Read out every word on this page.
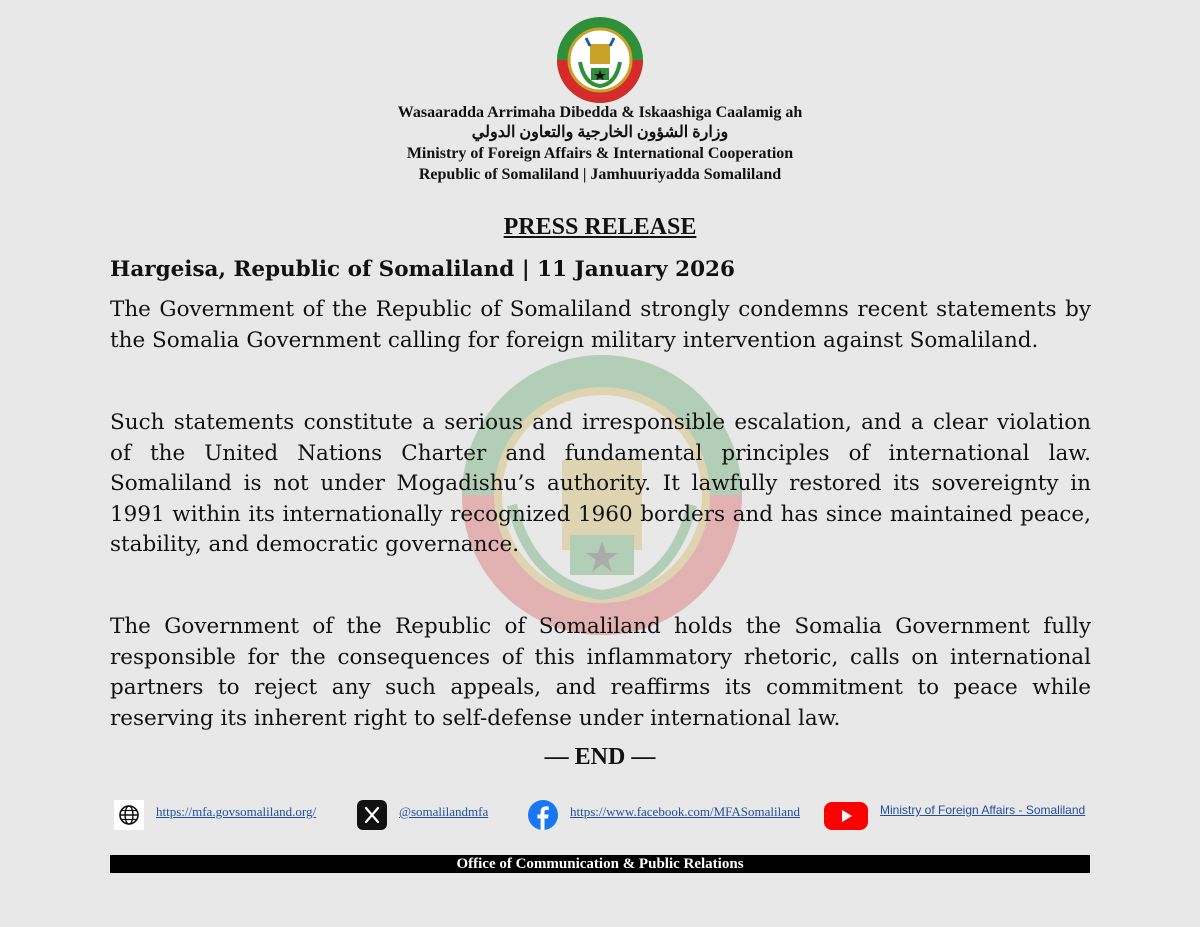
Wasaaradda Arrimaha Dibedda & Iskaashiga Caalamig ah
وزارة الشؤون الخارجية والتعاون الدولي
Ministry of Foreign Affairs & International Cooperation
Republic of Somaliland | Jamhuuriyadda Somaliland
PRESS RELEASE
Hargeisa, Republic of Somaliland | 11 January 2026

The Government of the Republic of Somaliland strongly condemns recent statements by the Somalia Government calling for foreign military intervention against Somaliland.

Such statements constitute a serious and irresponsible escalation, and a clear violation of the United Nations Charter and fundamental principles of international law. Somaliland is not under Mogadishu’s authority. It lawfully restored its sovereignty in 1991 within its internationally recognized 1960 borders and has since maintained peace, stability, and democratic governance.

The Government of the Republic of Somaliland holds the Somalia Government fully responsible for the consequences of this inflammatory rhetoric, calls on international partners to reject any such appeals, and reaffirms its commitment to peace while reserving its inherent right to self-defense under international law.

— END —
https://mfa.govsomaliland.org/	@somalilandmfa	https://www.facebook.com/MFASomaliland	Ministry of Foreign Affairs - Somaliland
Office of Communication & Public Relations
